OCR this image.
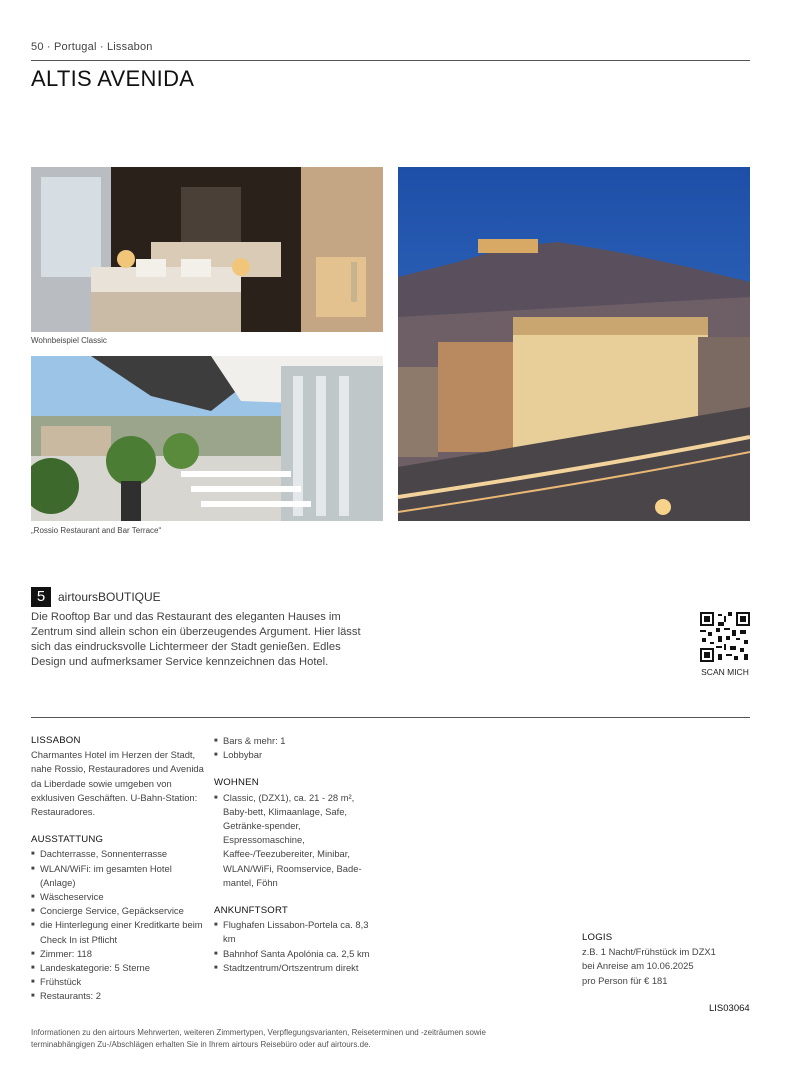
50 · Portugal · Lissabon
ALTIS AVENIDA
Wohnbeispiel Classic
„Rossio Restaurant and Bar Terrace“
5	airtoursBOUTIQUE
Die Rooftop Bar und das Restaurant des eleganten Hauses im Zentrum sind allein schon ein überzeugendes Argument. Hier lässt sich das eindrucksvolle Lichtermeer der Stadt genießen. Edles Design und aufmerksamer Service kennzeichnen das Hotel.
SCAN MICH
LISSABON

Charmantes Hotel im Herzen der Stadt, nahe Rossio, Restauradores und Avenida da Liberdade sowie umgeben von exklusiven Geschäften. U-Bahn-Station: Restauradores.

AUSSTATTUNG
■ Dachterrasse, Sonnenterrasse
■ WLAN/WiFi: im gesamten Hotel (Anlage)
■ Wäscheservice
■ Concierge Service, Gepäckservice
■ die Hinterlegung einer Kreditkarte beim Check In ist Pflicht
■ Zimmer: 118
■ Landeskategorie: 5 Sterne
■ Frühstück
■ Restaurants: 2
■ Bars & mehr: 1
■ Lobbybar
WOHNEN
■ Classic, (DZX1), ca. 21 - 28 m², Baby-bett, Klimaanlage, Safe, Getränke-spender, Espressomaschine, Kaffee-/Teezubereiter, Minibar, WLAN/WiFi, Roomservice, Bade-mantel, Föhn
ANKUNFTSORT
■ Flughafen Lissabon-Portela ca. 8,3 km
■ Bahnhof Santa Apolónia ca. 2,5 km
■ Stadtzentrum/Ortszentrum direkt
LOGIS

z.B. 1 Nacht/Frühstück im DZX1

bei Anreise am 10.06.2025

pro Person für € 181

LIS03064
Informationen zu den airtours Mehrwerten, weiteren Zimmertypen, Verpflegungsvarianten, Reiseterminen und -zeiträumen sowie terminabhängigen Zu-/Abschlägen erhalten Sie in Ihrem airtours Reisebüro oder auf airtours.de.
